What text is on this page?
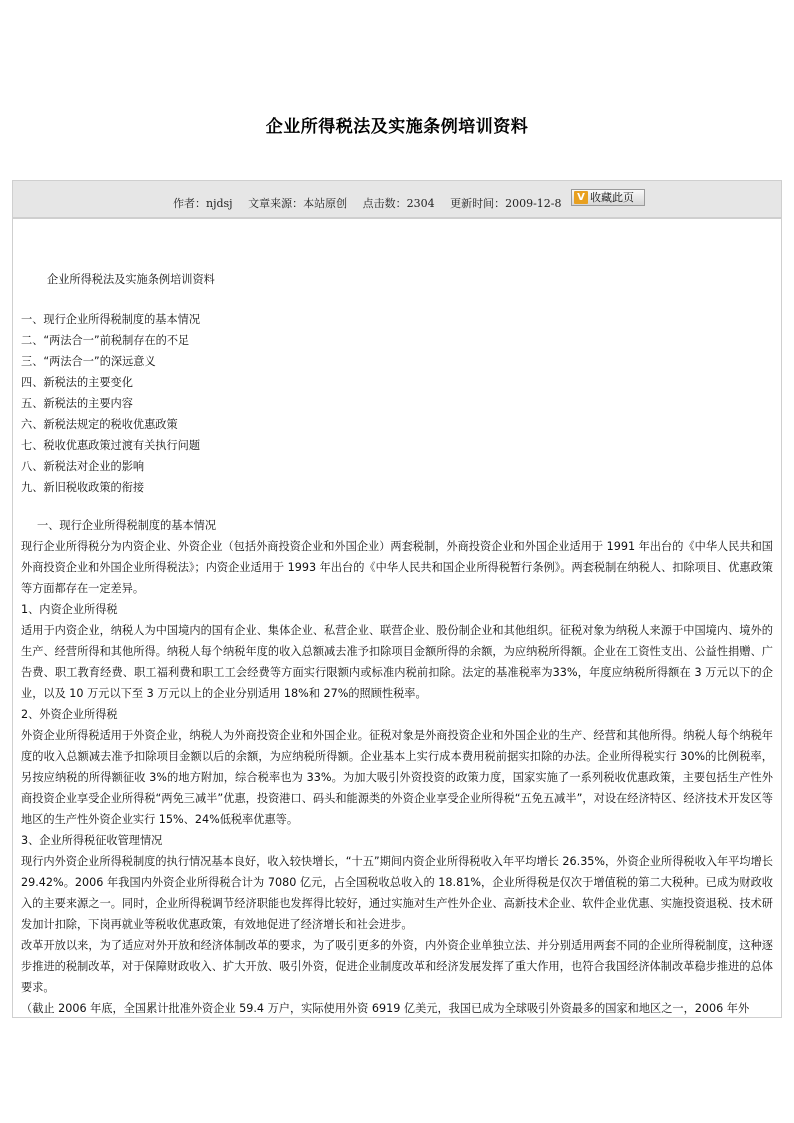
企业所得税法及实施条例培训资料
作者：njdsj 文章来源：本站原创 点击数：2304 更新时间：2009-12-8	V 收藏此页
企业所得税法及实施条例培训资料
一、现行企业所得税制度的基本情况
二、“两法合一”前税制存在的不足
三、“两法合一”的深远意义
四、新税法的主要变化
五、新税法的主要内容
六、新税法规定的税收优惠政策
七、税收优惠政策过渡有关执行问题
八、新税法对企业的影响
九、新旧税收政策的衔接

一、现行企业所得税制度的基本情况

现行企业所得税分为内资企业、外资企业（包括外商投资企业和外国企业）两套税制，外商投资企业和外国企业适用于 1991 年出台的《中华人民共和国外商投资企业和外国企业所得税法》；内资企业适用于 1993 年出台的《中华人民共和国企业所得税暂行条例》。两套税制在纳税人、扣除项目、优惠政策等方面都存在一定差异。

1、内资企业所得税

适用于内资企业，纳税人为中国境内的国有企业、集体企业、私营企业、联营企业、股份制企业和其他组织。征税对象为纳税人来源于中国境内、境外的生产、经营所得和其他所得。纳税人每个纳税年度的收入总额减去准予扣除项目金额所得的余额，为应纳税所得额。企业在工资性支出、公益性捐赠、广告费、职工教育经费、职工福利费和职工工会经费等方面实行限额内或标准内税前扣除。法定的基准税率为33%，年度应纳税所得额在 3 万元以下的企业，以及 10 万元以下至 3 万元以上的企业分别适用 18%和 27%的照顾性税率。

2、外资企业所得税

外资企业所得税适用于外资企业，纳税人为外商投资企业和外国企业。征税对象是外商投资企业和外国企业的生产、经营和其他所得。纳税人每个纳税年度的收入总额减去准予扣除项目金额以后的余额，为应纳税所得额。企业基本上实行成本费用税前据实扣除的办法。企业所得税实行 30%的比例税率，另按应纳税的所得额征收 3%的地方附加，综合税率也为 33%。为加大吸引外资投资的政策力度，国家实施了一系列税收优惠政策，主要包括生产性外商投资企业享受企业所得税“两免三减半”优惠，投资港口、码头和能源类的外资企业享受企业所得税“五免五减半”，对设在经济特区、经济技术开发区等地区的生产性外资企业实行 15%、24%低税率优惠等。

3、企业所得税征收管理情况

现行内外资企业所得税制度的执行情况基本良好，收入较快增长，“十五”期间内资企业所得税收入年平均增长 26.35%，外资企业所得税收入年平均增长 29.42%。2006 年我国内外资企业所得税合计为 7080 亿元，占全国税收总收入的 18.81%，企业所得税是仅次于增值税的第二大税种。已成为财政收入的主要来源之一。同时，企业所得税调节经济职能也发挥得比较好，通过实施对生产性外企业、高新技术企业、软件企业优惠、实施投资退税、技术研发加计扣除，下岗再就业等税收优惠政策，有效地促进了经济增长和社会进步。

改革开放以来，为了适应对外开放和经济体制改革的要求，为了吸引更多的外资，内外资企业单独立法、并分别适用两套不同的企业所得税制度，这种逐步推进的税制改革，对于保障财政收入、扩大开放、吸引外资，促进企业制度改革和经济发展发挥了重大作用，也符合我国经济体制改革稳步推进的总体要求。

（截止 2006 年底，全国累计批准外资企业 59.4 万户，实际使用外资 6919 亿美元，我国已成为全球吸引外资最多的国家和地区之一，2006 年外
